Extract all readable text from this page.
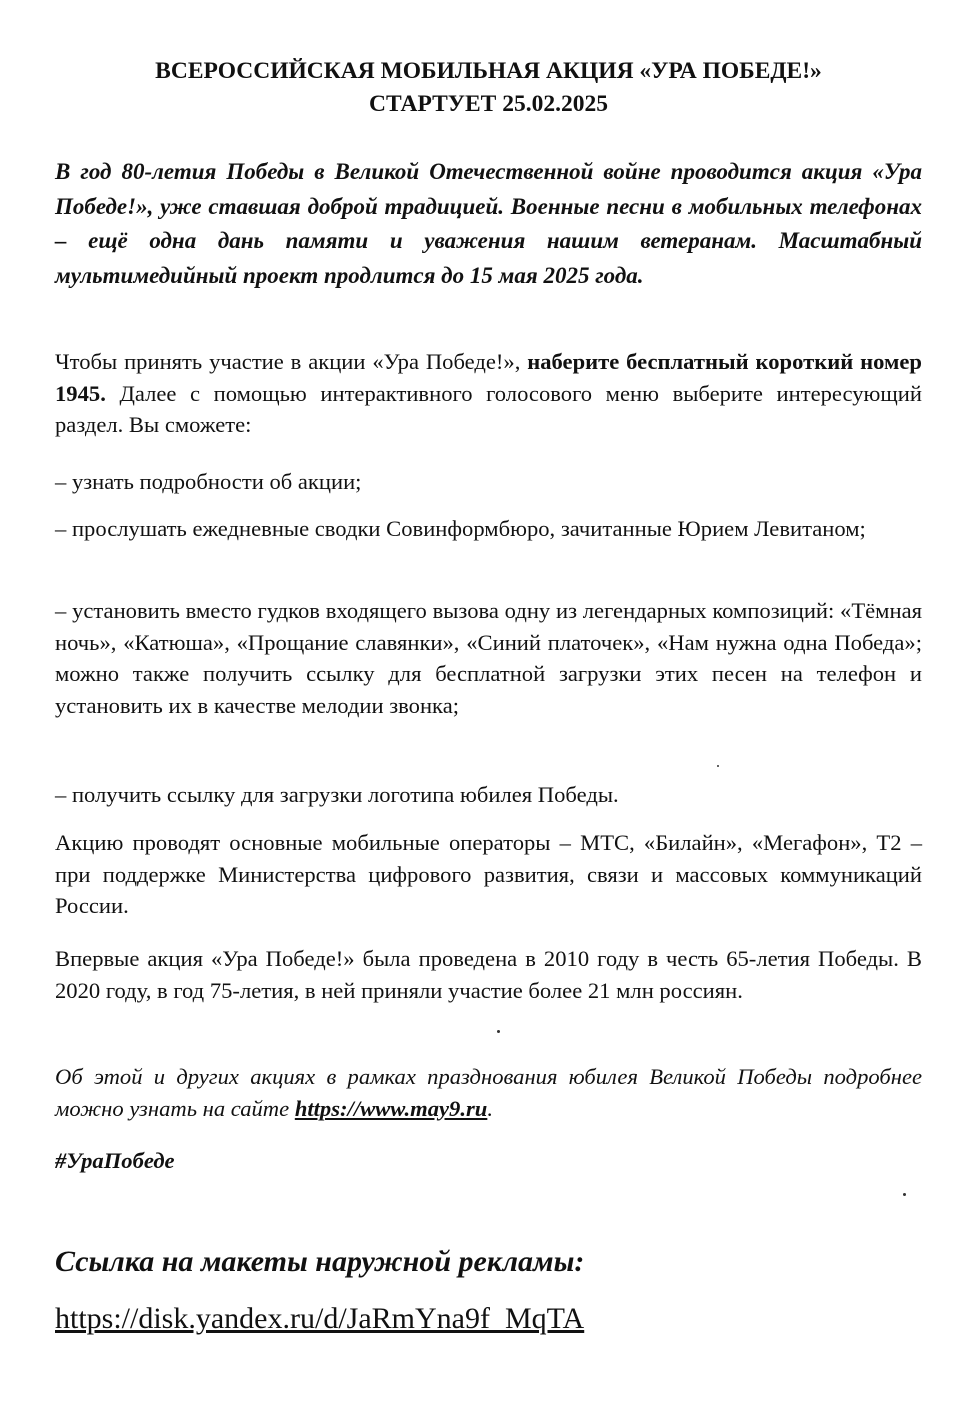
ВСЕРОССИЙСКАЯ МОБИЛЬНАЯ АКЦИЯ «УРА ПОБЕДЕ!»
СТАРТУЕТ 25.02.2025
В год 80-летия Победы в Великой Отечественной войне проводится акция «Ура Победе!», уже ставшая доброй традицией. Военные песни в мобильных телефонах – ещё одна дань памяти и уважения нашим ветеранам. Масштабный мультимедийный проект продлится до 15 мая 2025 года.
Чтобы принять участие в акции «Ура Победе!», наберите бесплатный короткий номер 1945. Далее с помощью интерактивного голосового меню выберите интересующий раздел. Вы сможете:
– узнать подробности об акции;
– прослушать ежедневные сводки Совинформбюро, зачитанные Юрием Левитаном;
– установить вместо гудков входящего вызова одну из легендарных композиций: «Тёмная ночь», «Катюша», «Прощание славянки», «Синий платочек», «Нам нужна одна Победа»; можно также получить ссылку для бесплатной загрузки этих песен на телефон и установить их в качестве мелодии звонка;
– получить ссылку для загрузки логотипа юбилея Победы.
Акцию проводят основные мобильные операторы – МТС, «Билайн», «Мегафон», Т2 – при поддержке Министерства цифрового развития, связи и массовых коммуникаций России.
Впервые акция «Ура Победе!» была проведена в 2010 году в честь 65-летия Победы. В 2020 году, в год 75-летия, в ней приняли участие более 21 млн россиян.
Об этой и других акциях в рамках празднования юбилея Великой Победы подробнее можно узнать на сайте https://www.may9.ru.
#УраПобеде
Ссылка на макеты наружной рекламы:
https://disk.yandex.ru/d/JaRmYna9f_MqTA
